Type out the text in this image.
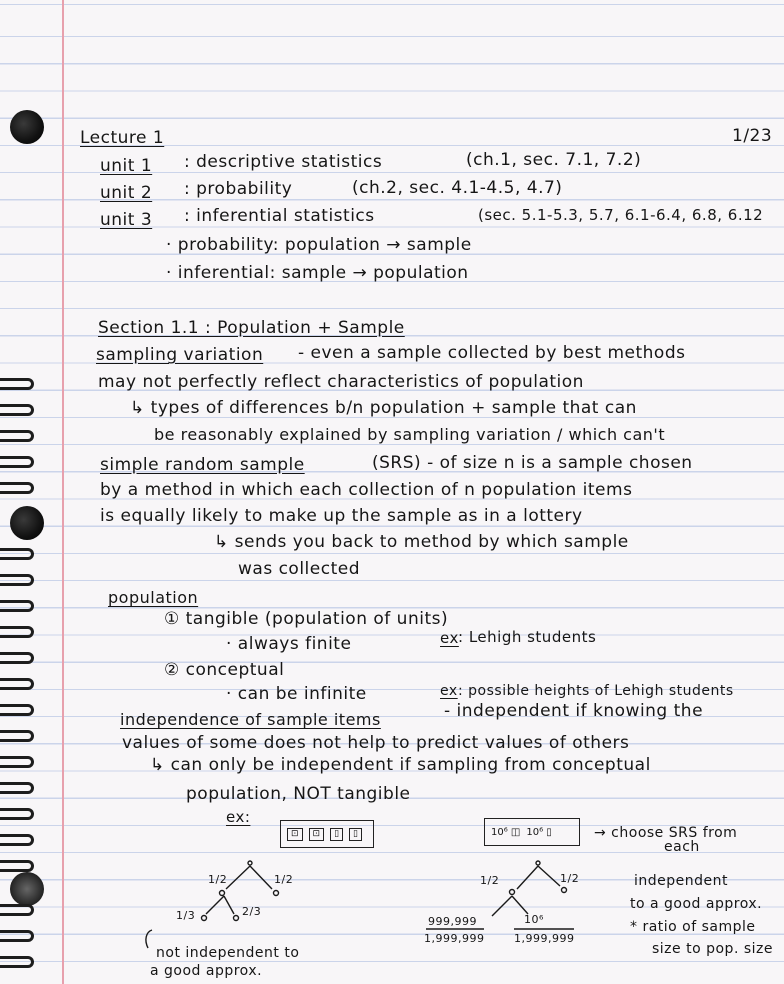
Lecture 1	1/23
unit 1 : descriptive statistics	(ch.1, sec. 7.1, 7.2)
unit 2 : probability	(ch.2, sec. 4.1-4.5, 4.7)
unit 3 : inferential statistics	(sec. 5.1-5.3, 5.7, 6.1-6.4, 6.8, 6.12
· probability: population → sample
· inferential: sample → population
Section 1.1 : Population + Sample
sampling variation - even a sample collected by best methods
may not perfectly reflect characteristics of population
↳ types of differences b/n population + sample that can
be reasonably explained by sampling variation / which can't
simple random sample	(SRS) - of size n is a sample chosen
by a method in which each collection of n population items
is equally likely to make up the sample as in a lottery
↳ sends you back to method by which sample
was collected
population
① tangible (population of units)
· always finite	ex : Lehigh students
② conceptual
· can be infinite	ex : possible heights of Lehigh students
independence of sample items	- independent if knowing the
values of some does not help to predict values of others
↳ can only be independent if sampling from conceptual
population, NOT tangible
ex:
⊡	⊡	▯	▯	10⁶ ◫ 10⁶ ▯	→ choose SRS from
each
1/2	1/2
1/3	2/3
1/2	1/2
999,999
1,999,999
10⁶
1,999,999
not independent to
a good approx.
independent
to a good approx.
* ratio of sample
size to pop. size
